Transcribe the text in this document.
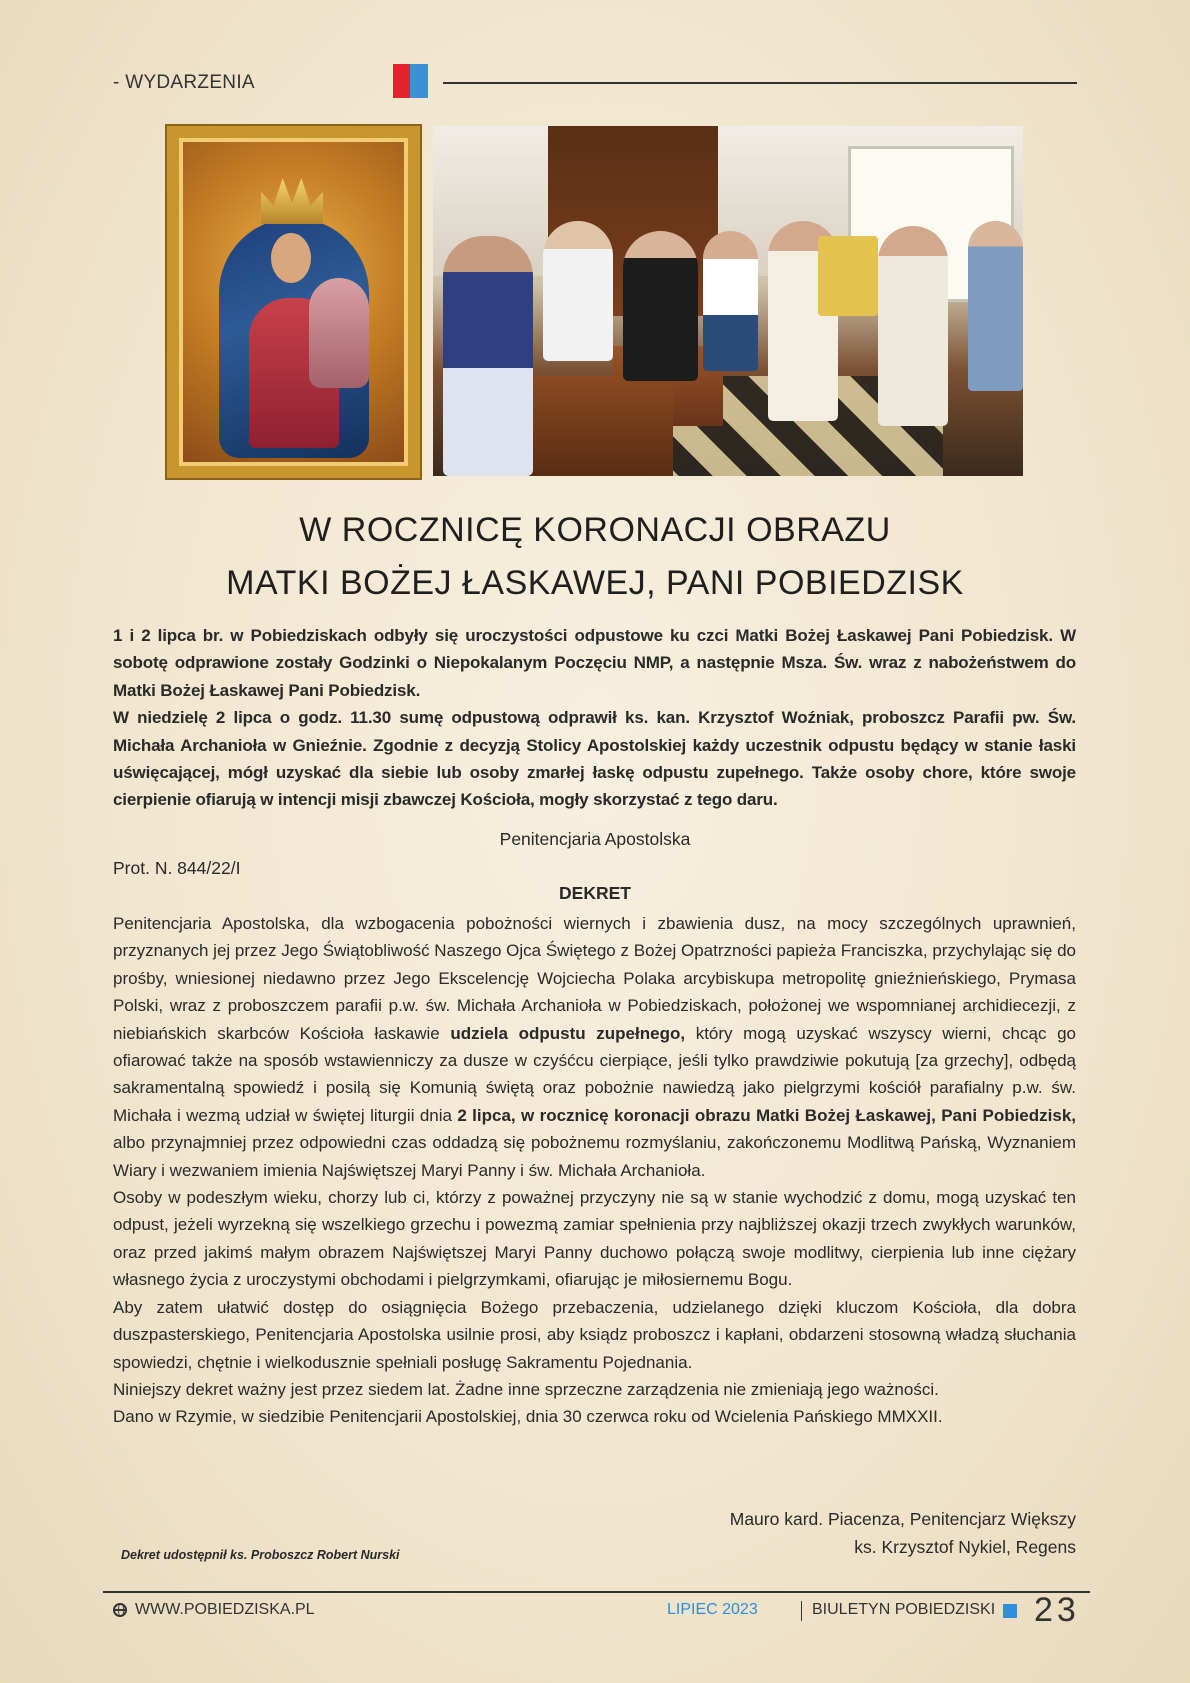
- WYDARZENIA
W ROCZNICĘ KORONACJI OBRAZU
MATKI BOŻEJ ŁASKAWEJ, PANI POBIEDZISK
1 i 2 lipca br. w Pobiedziskach odbyły się uroczystości odpustowe ku czci Matki Bożej Łaskawej Pani Pobiedzisk. W sobotę odprawione zostały Godzinki o Niepokalanym Poczęciu NMP, a następnie Msza. Św. wraz z nabożeństwem do Matki Bożej Łaskawej Pani Pobiedzisk.
W niedzielę 2 lipca o godz. 11.30 sumę odpustową odprawił ks. kan. Krzysztof Woźniak, proboszcz Parafii pw. Św. Michała Archanioła w Gnieźnie. Zgodnie z decyzją Stolicy Apostolskiej każdy uczestnik odpustu będący w stanie łaski uświęcającej, mógł uzyskać dla siebie lub osoby zmarłej łaskę odpustu zupełnego. Także osoby chore, które swoje cierpienie ofiarują w intencji misji zbawczej Kościoła, mogły skorzystać z tego daru.
Penitencjaria Apostolska
Prot. N. 844/22/I
DEKRET
Penitencjaria Apostolska, dla wzbogacenia pobożności wiernych i zbawienia dusz, na mocy szczególnych uprawnień, przyznanych jej przez Jego Świątobliwość Naszego Ojca Świętego z Bożej Opatrzności papieża Franciszka, przychylając się do prośby, wniesionej niedawno przez Jego Ekscelencję Wojciecha Polaka arcybiskupa metropolitę gnieźnieńskiego, Prymasa Polski, wraz z proboszczem parafii p.w. św. Michała Archanioła w Pobiedziskach, położonej we wspomnianej archidiecezji, z niebiańskich skarbców Kościoła łaskawie udziela odpustu zupełnego, który mogą uzyskać wszyscy wierni, chcąc go ofiarować także na sposób wstawienniczy za dusze w czyśćcu cierpiące, jeśli tylko prawdziwie pokutują [za grzechy], odbędą sakramentalną spowiedź i posilą się Komunią świętą oraz pobożnie nawiedzą jako pielgrzymi kościół parafialny p.w. św. Michała i wezmą udział w świętej liturgii dnia 2 lipca, w rocznicę koronacji obrazu Matki Bożej Łaskawej, Pani Pobiedzisk, albo przynajmniej przez odpowiedni czas oddadzą się pobożnemu rozmyślaniu, zakończonemu Modlitwą Pańską, Wyznaniem Wiary i wezwaniem imienia Najświętszej Maryi Panny i św. Michała Archanioła.
Osoby w podeszłym wieku, chorzy lub ci, którzy z poważnej przyczyny nie są w stanie wychodzić z domu, mogą uzyskać ten odpust, jeżeli wyrzekną się wszelkiego grzechu i powezmą zamiar spełnienia przy najbliższej okazji trzech zwykłych warunków, oraz przed jakimś małym obrazem Najświętszej Maryi Panny duchowo połączą swoje modlitwy, cierpienia lub inne ciężary własnego życia z uroczystymi obchodami i pielgrzymkami, ofiarując je miłosiernemu Bogu.
Aby zatem ułatwić dostęp do osiągnięcia Bożego przebaczenia, udzielanego dzięki kluczom Kościoła, dla dobra duszpasterskiego, Penitencjaria Apostolska usilnie prosi, aby ksiądz proboszcz i kapłani, obdarzeni stosowną władzą słuchania spowiedzi, chętnie i wielkodusznie spełniali posługę Sakramentu Pojednania.
Niniejszy dekret ważny jest przez siedem lat. Żadne inne sprzeczne zarządzenia nie zmieniają jego ważności.
Dano w Rzymie, w siedzibie Penitencjarii Apostolskiej, dnia 30 czerwca roku od Wcielenia Pańskiego MMXXII.
Mauro kard. Piacenza, Penitencjarz Większy
ks. Krzysztof Nykiel, Regens
Dekret udostępnił ks. Proboszcz Robert Nurski
WWW.POBIEDZISKA.PL	LIPIEC 2023	BIULETYN POBIEDZISKI 23
